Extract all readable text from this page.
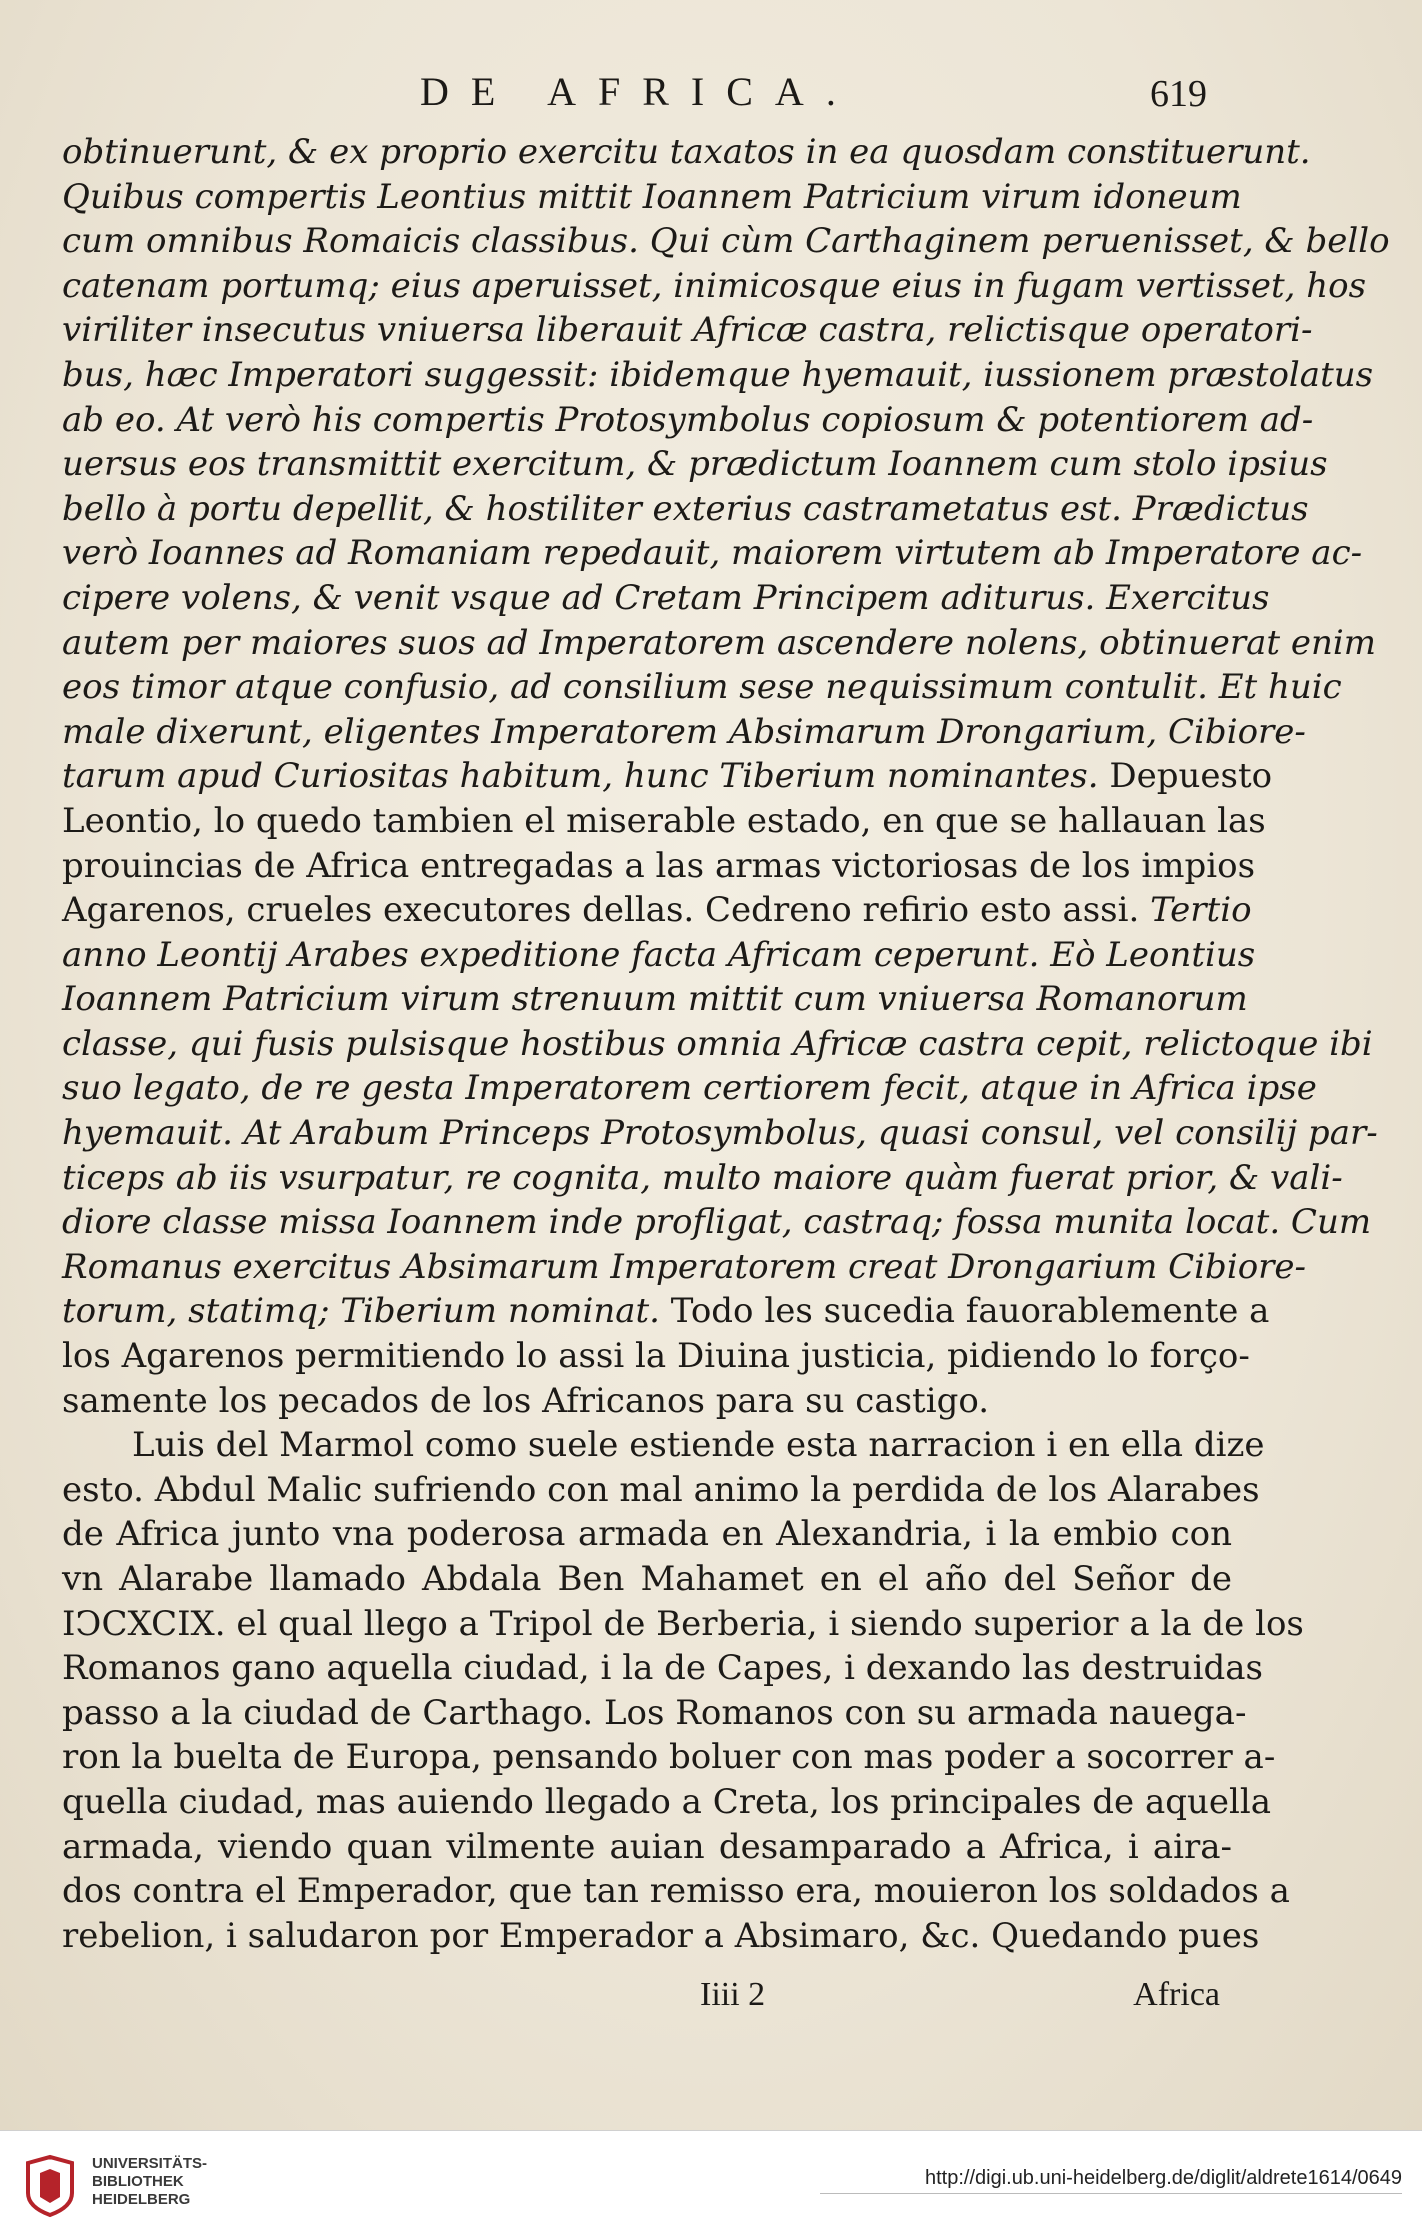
DE AFRICA.	619
obtinuerunt, & ex proprio exercitu taxatos in ea quosdam constituerunt.
Quibus compertis Leontius mittit Ioannem Patricium virum idoneum
cum omnibus Romaicis classibus. Qui cùm Carthaginem peruenisset, & bello
catenam portumq; eius aperuisset, inimicosque eius in fugam vertisset, hos
viriliter insecutus vniuersa liberauit Africæ castra, relictisque operatori-
bus, hæc Imperatori suggessit: ibidemque hyemauit, iussionem præstolatus
ab eo. At verò his compertis Protosymbolus copiosum & potentiorem ad-
uersus eos transmittit exercitum, & prædictum Ioannem cum stolo ipsius
bello à portu depellit, & hostiliter exterius castrametatus est. Prædictus
verò Ioannes ad Romaniam repedauit, maiorem virtutem ab Imperatore ac-
cipere volens, & venit vsque ad Cretam Principem aditurus. Exercitus
autem per maiores suos ad Imperatorem ascendere nolens, obtinuerat enim
eos timor atque confusio, ad consilium sese nequissimum contulit. Et huic
male dixerunt, eligentes Imperatorem Absimarum Drongarium, Cibiore-
tarum apud Curiositas habitum, hunc Tiberium nominantes. Depuesto
Leontio, lo quedo tambien el miserable estado, en que se hallauan las
prouincias de Africa entregadas a las armas victoriosas de los impios
Agarenos, crueles executores dellas. Cedreno refirio esto assi. Tertio
anno Leontij Arabes expeditione facta Africam ceperunt. Eò Leontius
Ioannem Patricium virum strenuum mittit cum vniuersa Romanorum
classe, qui fusis pulsisque hostibus omnia Africæ castra cepit, relictoque ibi
suo legato, de re gesta Imperatorem certiorem fecit, atque in Africa ipse
hyemauit. At Arabum Princeps Protosymbolus, quasi consul, vel consilij par-
ticeps ab iis vsurpatur, re cognita, multo maiore quàm fuerat prior, & vali-
diore classe missa Ioannem inde profligat, castraq; fossa munita locat. Cum
Romanus exercitus Absimarum Imperatorem creat Drongarium Cibiore-
torum, statimq; Tiberium nominat. Todo les sucedia fauorablemente a
los Agarenos permitiendo lo assi la Diuina justicia, pidiendo lo forço-
samente los pecados de los Africanos para su castigo.
Luis del Marmol como suele estiende esta narracion i en ella dize
esto. Abdul Malic sufriendo con mal animo la perdida de los Alarabes
de Africa junto vna poderosa armada en Alexandria, i la embio con
vn Alarabe llamado Abdala Ben Mahamet en el año del Señor de
IↃCXCIX. el qual llego a Tripol de Berberia, i siendo superior a la de los
Romanos gano aquella ciudad, i la de Capes, i dexando las destruidas
passo a la ciudad de Carthago. Los Romanos con su armada nauega-
ron la buelta de Europa, pensando boluer con mas poder a socorrer a-
quella ciudad, mas auiendo llegado a Creta, los principales de aquella
armada, viendo quan vilmente auian desamparado a Africa, i aira-
dos contra el Emperador, que tan remisso era, mouieron los soldados a
rebelion, i saludaron por Emperador a Absimaro, &c. Quedando pues
Iiii 2	Africa
UNIVERSITÄTS-
BIBLIOTHEK
HEIDELBERG
http://digi.ub.uni-heidelberg.de/diglit/aldrete1614/0649
